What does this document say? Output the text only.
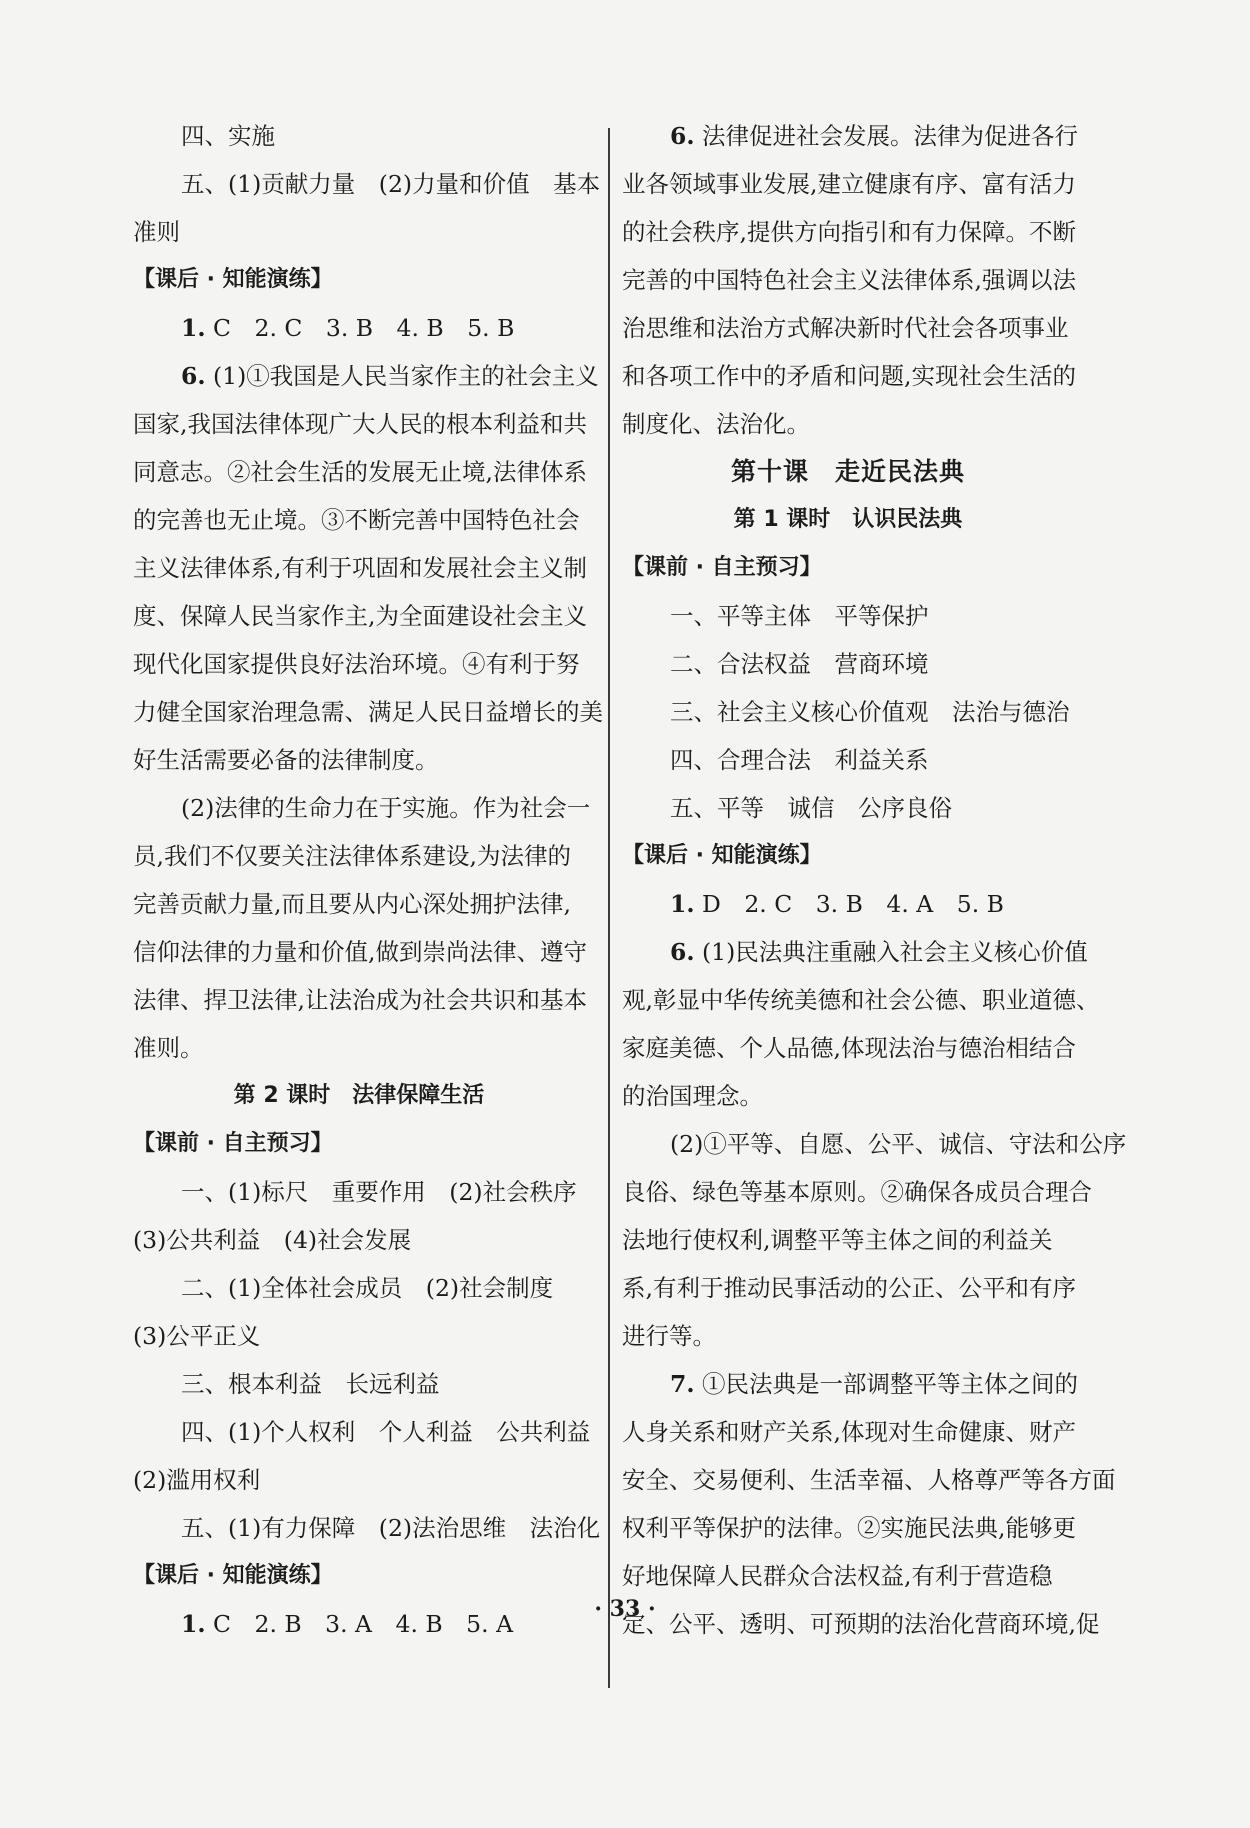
四、实施
五、(1)贡献力量　(2)力量和价值　基本
准则
【课后 · 知能演练】
1. C　2. C　3. B　4. B　5. B
6. (1)①我国是人民当家作主的社会主义
国家,我国法律体现广大人民的根本利益和共
同意志。②社会生活的发展无止境,法律体系
的完善也无止境。③不断完善中国特色社会
主义法律体系,有利于巩固和发展社会主义制
度、保障人民当家作主,为全面建设社会主义
现代化国家提供良好法治环境。④有利于努
力健全国家治理急需、满足人民日益增长的美
好生活需要必备的法律制度。
(2)法律的生命力在于实施。作为社会一
员,我们不仅要关注法律体系建设,为法律的
完善贡献力量,而且要从内心深处拥护法律,
信仰法律的力量和价值,做到崇尚法律、遵守
法律、捍卫法律,让法治成为社会共识和基本
准则。
第 2 课时　法律保障生活
【课前 · 自主预习】
一、(1)标尺　重要作用　(2)社会秩序
(3)公共利益　(4)社会发展
二、(1)全体社会成员　(2)社会制度
(3)公平正义
三、根本利益　长远利益
四、(1)个人权利　个人利益　公共利益
(2)滥用权利
五、(1)有力保障　(2)法治思维　法治化
【课后 · 知能演练】
1. C　2. B　3. A　4. B　5. A
6. 法律促进社会发展。法律为促进各行
业各领域事业发展,建立健康有序、富有活力
的社会秩序,提供方向指引和有力保障。不断
完善的中国特色社会主义法律体系,强调以法
治思维和法治方式解决新时代社会各项事业
和各项工作中的矛盾和问题,实现社会生活的
制度化、法治化。
第十课　走近民法典
第 1 课时　认识民法典
【课前 · 自主预习】
一、平等主体　平等保护
二、合法权益　营商环境
三、社会主义核心价值观　法治与德治
四、合理合法　利益关系
五、平等　诚信　公序良俗
【课后 · 知能演练】
1. D　2. C　3. B　4. A　5. B
6. (1)民法典注重融入社会主义核心价值
观,彰显中华传统美德和社会公德、职业道德、
家庭美德、个人品德,体现法治与德治相结合
的治国理念。
(2)①平等、自愿、公平、诚信、守法和公序
良俗、绿色等基本原则。②确保各成员合理合
法地行使权利,调整平等主体之间的利益关
系,有利于推动民事活动的公正、公平和有序
进行等。
7. ①民法典是一部调整平等主体之间的
人身关系和财产关系,体现对生命健康、财产
安全、交易便利、生活幸福、人格尊严等各方面
权利平等保护的法律。②实施民法典,能够更
好地保障人民群众合法权益,有利于营造稳
定、公平、透明、可预期的法治化营商环境,促
· 33 ·
